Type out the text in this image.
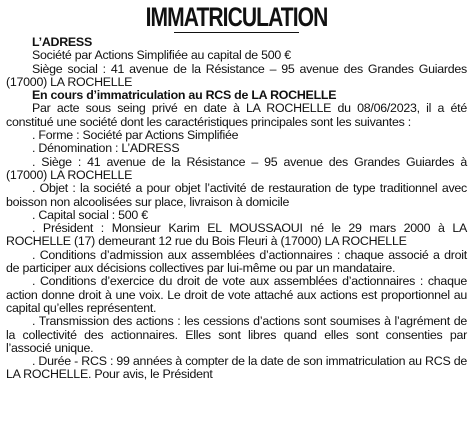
IMMATRICULATION

L’ADRESS

Société par Actions Simplifiée au capital de 500 €

Siège social : 41 avenue de la Résistance – 95 avenue des Grandes Guiardes (17000) LA ROCHELLE

En cours d’immatriculation au RCS de LA ROCHELLE

Par acte sous seing privé en date à LA ROCHELLE du 08/06/2023, il a été constitué une société dont les caractéristiques principales sont les suivantes :

. Forme : Société par Actions Simplifiée

. Dénomination : L’ADRESS

. Siège : 41 avenue de la Résistance – 95 avenue des Grandes Guiardes à (17000) LA ROCHELLE

. Objet : la société a pour objet l’activité de restauration de type traditionnel avec boisson non alcoolisées sur place, livraison à domicile

. Capital social : 500 €

. Président : Monsieur Karim EL MOUSSAOUI né le 29 mars 2000 à LA ROCHELLE (17) demeurant 12 rue du Bois Fleuri à (17000) LA ROCHELLE

. Conditions d’admission aux assemblées d’actionnaires : chaque associé a droit de participer aux décisions collectives par lui-même ou par un mandataire.

. Conditions d’exercice du droit de vote aux assemblées d’actionnaires : chaque action donne droit à une voix. Le droit de vote attaché aux actions est proportionnel au capital qu’elles représentent.

. Transmission des actions : les cessions d’actions sont soumises à l’agrément de la collectivité des actionnaires. Elles sont libres quand elles sont consenties par l’associé unique.

. Durée - RCS : 99 années à compter de la date de son immatriculation au RCS de LA ROCHELLE. Pour avis, le Président
